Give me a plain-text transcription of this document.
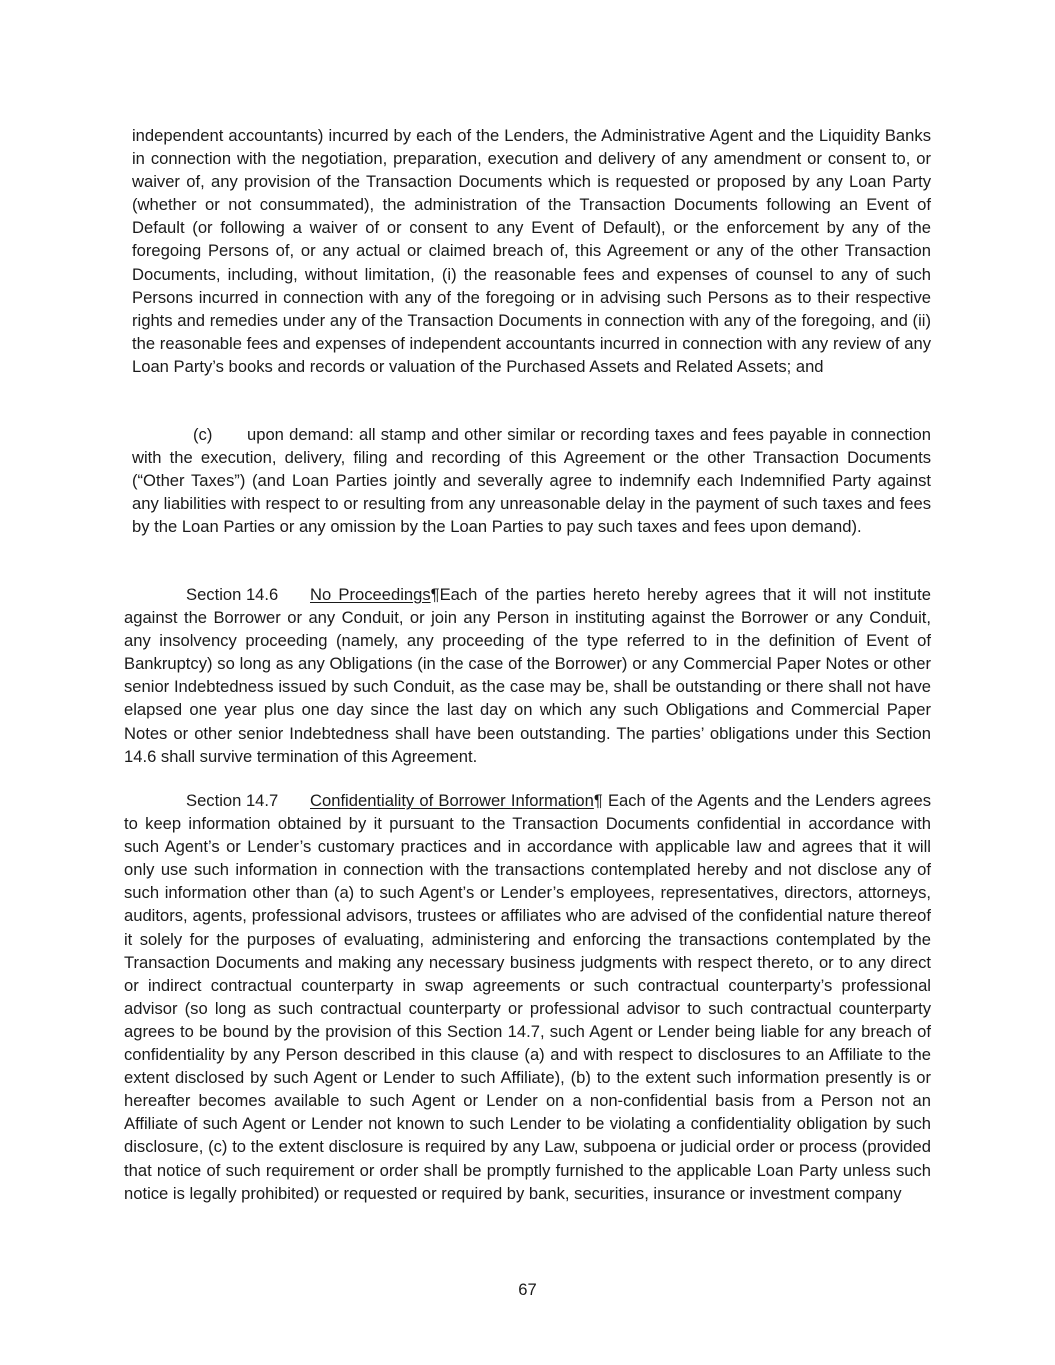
independent accountants) incurred by each of the Lenders, the Administrative Agent and the Liquidity Banks in connection with the negotiation, preparation, execution and delivery of any amendment or consent to, or waiver of, any provision of the Transaction Documents which is requested or proposed by any Loan Party (whether or not consummated), the administration of the Transaction Documents following an Event of Default (or following a waiver of or consent to any Event of Default), or the enforcement by any of the foregoing Persons of, or any actual or claimed breach of, this Agreement or any of the other Transaction Documents, including, without limitation, (i) the reasonable fees and expenses of counsel to any of such Persons incurred in connection with any of the foregoing or in advising such Persons as to their respective rights and remedies under any of the Transaction Documents in connection with any of the foregoing, and (ii) the reasonable fees and expenses of independent accountants incurred in connection with any review of any Loan Party’s books and records or valuation of the Purchased Assets and Related Assets; and

(c) upon demand: all stamp and other similar or recording taxes and fees payable in connection with the execution, delivery, filing and recording of this Agreement or the other Transaction Documents (“Other Taxes”) (and Loan Parties jointly and severally agree to indemnify each Indemnified Party against any liabilities with respect to or resulting from any unreasonable delay in the payment of such taxes and fees by the Loan Parties or any omission by the Loan Parties to pay such taxes and fees upon demand).

Section 14.6 No Proceedings¶Each of the parties hereto hereby agrees that it will not institute against the Borrower or any Conduit, or join any Person in instituting against the Borrower or any Conduit, any insolvency proceeding (namely, any proceeding of the type referred to in the definition of Event of Bankruptcy) so long as any Obligations (in the case of the Borrower) or any Commercial Paper Notes or other senior Indebtedness issued by such Conduit, as the case may be, shall be outstanding or there shall not have elapsed one year plus one day since the last day on which any such Obligations and Commercial Paper Notes or other senior Indebtedness shall have been outstanding. The parties’ obligations under this Section 14.6 shall survive termination of this Agreement.

Section 14.7 Confidentiality of Borrower Information¶ Each of the Agents and the Lenders agrees to keep information obtained by it pursuant to the Transaction Documents confidential in accordance with such Agent’s or Lender’s customary practices and in accordance with applicable law and agrees that it will only use such information in connection with the transactions contemplated hereby and not disclose any of such information other than (a) to such Agent’s or Lender’s employees, representatives, directors, attorneys, auditors, agents, professional advisors, trustees or affiliates who are advised of the confidential nature thereof it solely for the purposes of evaluating, administering and enforcing the transactions contemplated by the Transaction Documents and making any necessary business judgments with respect thereto, or to any direct or indirect contractual counterparty in swap agreements or such contractual counterparty’s professional advisor (so long as such contractual counterparty or professional advisor to such contractual counterparty agrees to be bound by the provision of this Section 14.7, such Agent or Lender being liable for any breach of confidentiality by any Person described in this clause (a) and with respect to disclosures to an Affiliate to the extent disclosed by such Agent or Lender to such Affiliate), (b) to the extent such information presently is or hereafter becomes available to such Agent or Lender on a non-confidential basis from a Person not an Affiliate of such Agent or Lender not known to such Lender to be violating a confidentiality obligation by such disclosure, (c) to the extent disclosure is required by any Law, subpoena or judicial order or process (provided that notice of such requirement or order shall be promptly furnished to the applicable Loan Party unless such notice is legally prohibited) or requested or required by bank, securities, insurance or investment company

67
